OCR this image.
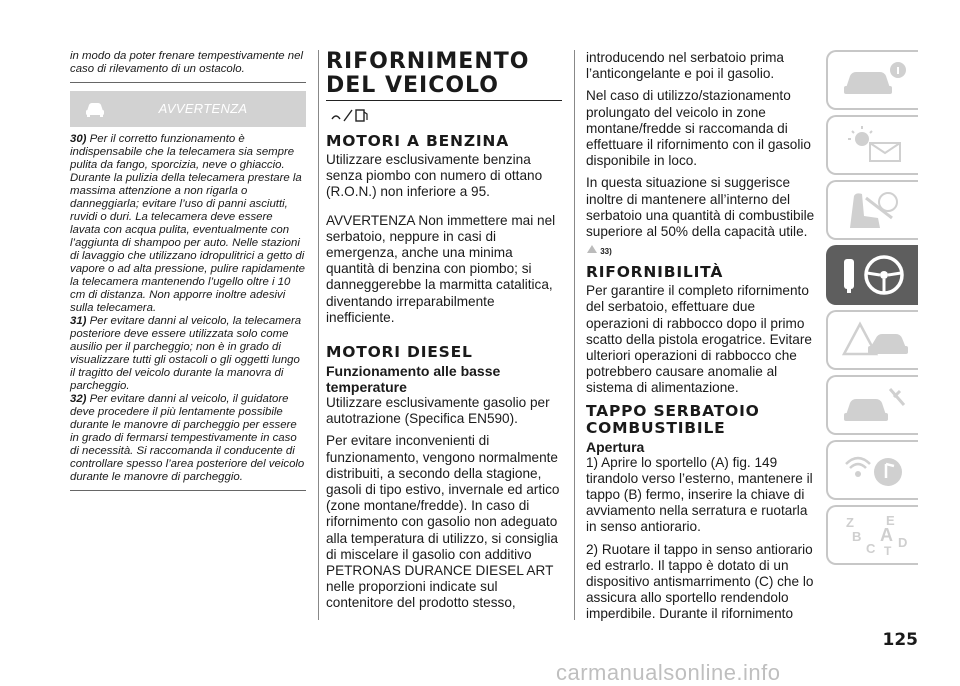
in modo da poter frenare tempestivamente nel caso di rilevamento di un ostacolo.
AVVERTENZA
30) Per il corretto funzionamento è indispensabile che la telecamera sia sempre pulita da fango, sporcizia, neve o ghiaccio. Durante la pulizia della telecamera prestare la massima attenzione a non rigarla o danneggiarla; evitare l’uso di panni asciutti, ruvidi o duri. La telecamera deve essere lavata con acqua pulita, eventualmente con l’aggiunta di shampoo per auto. Nelle stazioni di lavaggio che utilizzano idropulitrici a getto di vapore o ad alta pressione, pulire rapidamente la telecamera mantenendo l’ugello oltre i 10 cm di distanza. Non apporre inoltre adesivi sulla telecamera.
31) Per evitare danni al veicolo, la telecamera posteriore deve essere utilizzata solo come ausilio per il parcheggio; non è in grado di visualizzare tutti gli ostacoli o gli oggetti lungo il tragitto del veicolo durante la manovra di parcheggio.
32) Per evitare danni al veicolo, il guidatore deve procedere il più lentamente possibile durante le manovre di parcheggio per essere in grado di fermarsi tempestivamente in caso di necessità. Si raccomanda il conducente di controllare spesso l’area posteriore del veicolo durante le manovre di parcheggio.
RIFORNIMENTO DEL VEICOLO
MOTORI A BENZINA

Utilizzare esclusivamente benzina senza piombo con numero di ottano (R.O.N.) non inferiore a 95.

AVVERTENZA Non immettere mai nel serbatoio, neppure in casi di emergenza, anche una minima quantità di benzina con piombo; si danneggerebbe la marmitta catalitica, diventando irreparabilmente inefficiente.

MOTORI DIESEL
Funzionamento alle basse temperature

Utilizzare esclusivamente gasolio per autotrazione (Specifica EN590).

Per evitare inconvenienti di funzionamento, vengono normalmente distribuiti, a secondo della stagione, gasoli di tipo estivo, invernale ed artico (zone montane/fredde). In caso di rifornimento con gasolio non adeguato alla temperatura di utilizzo, si consiglia di miscelare il gasolio con additivo PETRONAS DURANCE DIESEL ART nelle proporzioni indicate sul contenitore del prodotto stesso,

introducendo nel serbatoio prima l’anticongelante e poi il gasolio.

Nel caso di utilizzo/stazionamento prolungato del veicolo in zone montane/fredde si raccomanda di effettuare il rifornimento con il gasolio disponibile in loco.

In questa situazione si suggerisce inoltre di mantenere all’interno del serbatoio una quantità di combustibile superiore al 50% della capacità utile.

33)
RIFORNIBILITÀ

Per garantire il completo rifornimento del serbatoio, effettuare due operazioni di rabbocco dopo il primo scatto della pistola erogatrice. Evitare ulteriori operazioni di rabbocco che potrebbero causare anomalie al sistema di alimentazione.

TAPPO SERBATOIO COMBUSTIBILE
Apertura

1) Aprire lo sportello (A) fig. 149 tirandolo verso l’esterno, mantenere il tappo (B) fermo, inserire la chiave di avviamento nella serratura e ruotarla in senso antiorario.

2) Ruotare il tappo in senso antiorario ed estrarlo. Il tappo è dotato di un dispositivo antismarrimento (C) che lo assicura allo sportello rendendolo imperdibile. Durante il rifornimento

Z E
B A
C D
T
125
carmanualsonline.info
